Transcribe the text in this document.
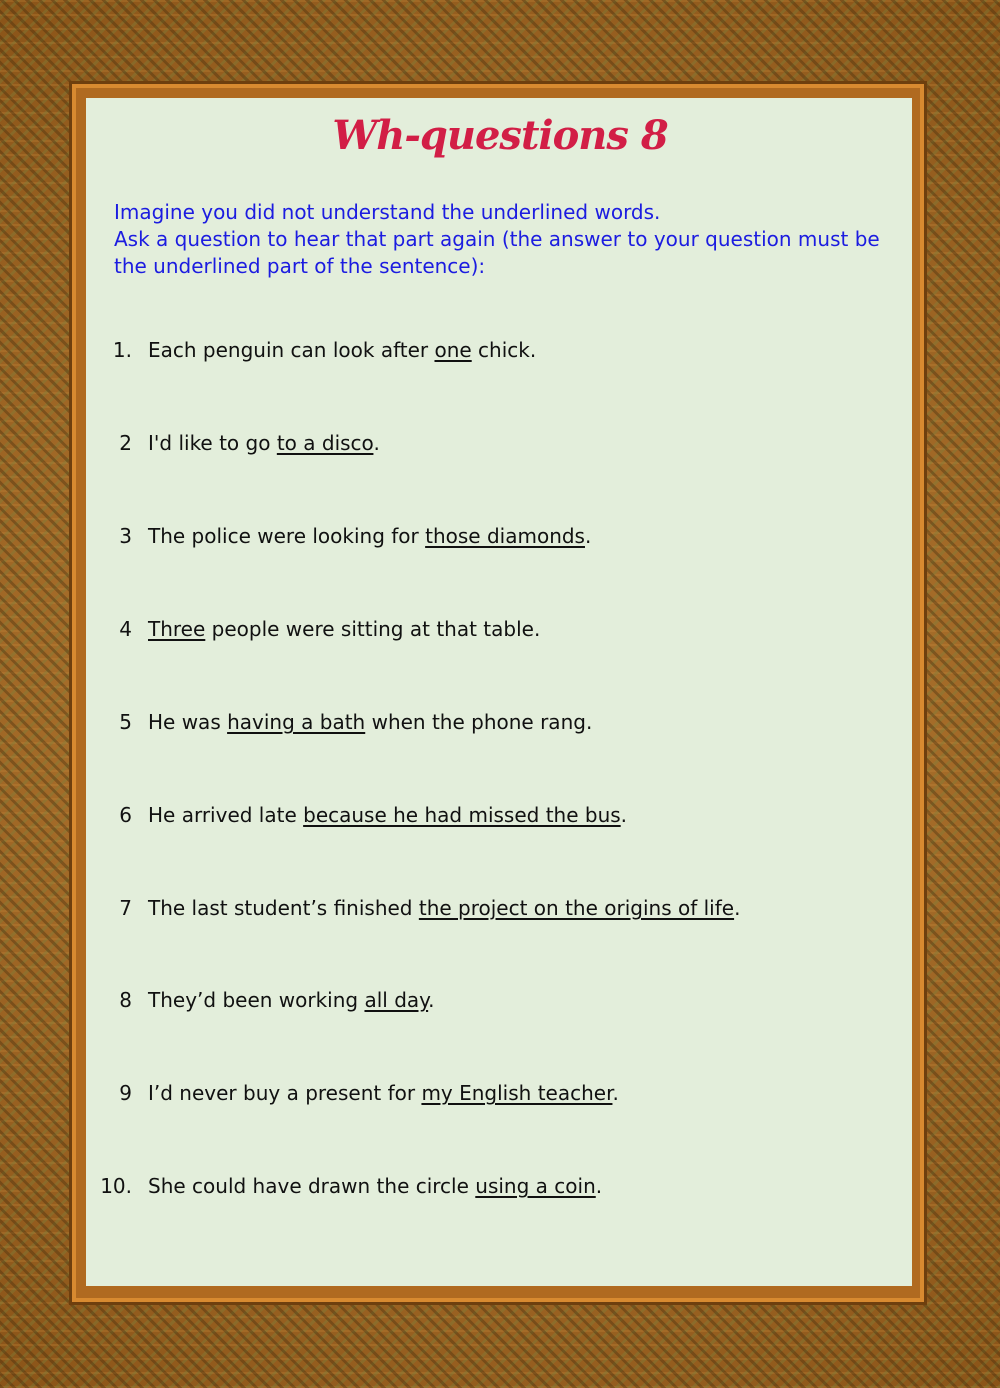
Wh-questions 8

Imagine you did not understand the underlined words.

Ask a question to hear that part again (the answer to your question must be the underlined part of the sentence):

1. Each penguin can look after one chick.
2 I'd like to go to a disco.
3 The police were looking for those diamonds.
4 Three people were sitting at that table.
5 He was having a bath when the phone rang.
6 He arrived late because he had missed the bus.
7 The last student’s finished the project on the origins of life.
8 They’d been working all day.
9 I’d never buy a present for my English teacher.
10. She could have drawn the circle using a coin.
